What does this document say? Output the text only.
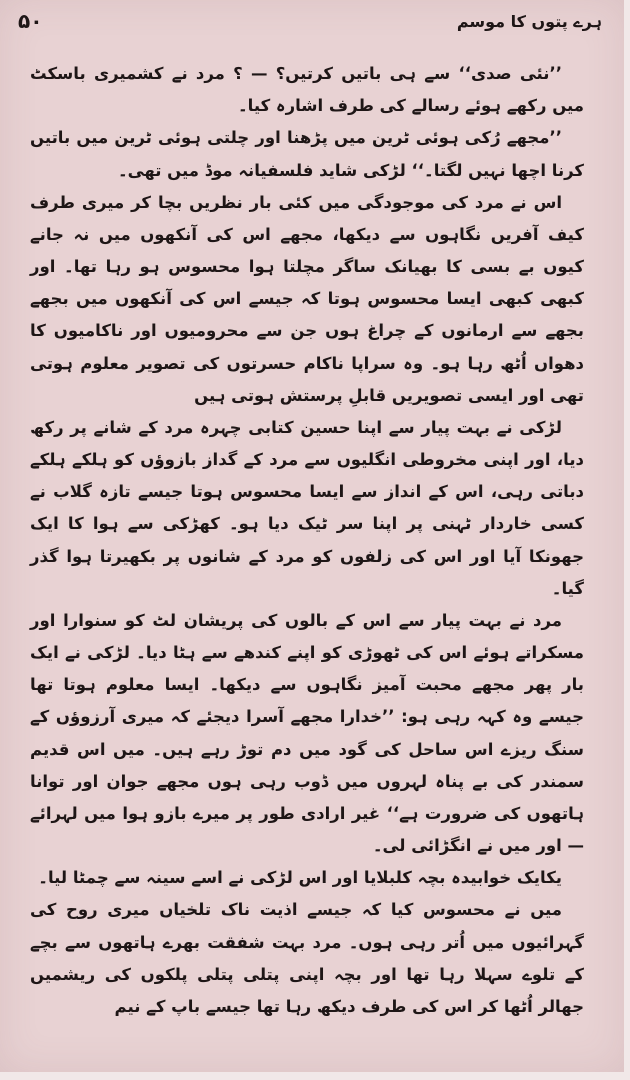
۵۰	ہرے پتوں کا موسم

’’نئی صدی‘‘ سے ہی باتیں کرتیں؟ — ؟ مرد نے کشمیری باسکٹ میں رکھے ہوئے رسالے کی طرف اشارہ کیا۔

’’مجھے رُکی ہوئی ٹرین میں پڑھنا اور چلتی ہوئی ٹرین میں باتیں کرنا اچھا نہیں لگتا۔‘‘ لڑکی شاید فلسفیانہ موڈ میں تھی۔

اس نے مرد کی موجودگی میں کئی بار نظریں بچا کر میری طرف کیف آفریں نگاہوں سے دیکھا، مجھے اس کی آنکھوں میں نہ جانے کیوں بے بسی کا بھیانک ساگر مچلتا ہوا محسوس ہو رہا تھا۔ اور کبھی کبھی ایسا محسوس ہوتا کہ جیسے اس کی آنکھوں میں بجھے بجھے سے ارمانوں کے چراغ ہوں جن سے محرومیوں اور ناکامیوں کا دھواں اُٹھ رہا ہو۔ وہ سراپا ناکام حسرتوں کی تصویر معلوم ہوتی تھی اور ایسی تصویریں قابلِ پرستش ہوتی ہیں

لڑکی نے بہت پیار سے اپنا حسین کتابی چہرہ مرد کے شانے پر رکھ دیا، اور اپنی مخروطی انگلیوں سے مرد کے گداز بازوؤں کو ہلکے ہلکے دباتی رہی، اس کے انداز سے ایسا محسوس ہوتا جیسے تازہ گلاب نے کسی خاردار ٹہنی پر اپنا سر ٹیک دیا ہو۔ کھڑکی سے ہوا کا ایک جھونکا آیا اور اس کی زلفوں کو مرد کے شانوں پر بکھیرتا ہوا گذر گیا۔

مرد نے بہت پیار سے اس کے بالوں کی پریشان لٹ کو سنوارا اور مسکراتے ہوئے اس کی ٹھوڑی کو اپنے کندھے سے ہٹا دیا۔ لڑکی نے ایک بار پھر مجھے محبت آمیز نگاہوں سے دیکھا۔ ایسا معلوم ہوتا تھا جیسے وہ کہہ رہی ہو: ’’خدارا مجھے آسرا دیجئے کہ میری آرزوؤں کے سنگ ریزے اس ساحل کی گود میں دم توڑ رہے ہیں۔ میں اس قدیم سمندر کی بے پناہ لہروں میں ڈوب رہی ہوں مجھے جوان اور توانا ہاتھوں کی ضرورت ہے‘‘ غیر ارادی طور پر میرے بازو ہوا میں لہرائے — اور میں نے انگڑائی لی۔

یکایک خوابیدہ بچہ کلبلایا اور اس لڑکی نے اسے سینہ سے چمٹا لیا۔

میں نے محسوس کیا کہ جیسے اذیت ناک تلخیاں میری روح کی گہرائیوں میں اُتر رہی ہوں۔ مرد بہت شفقت بھرے ہاتھوں سے بچے کے تلوے سہلا رہا تھا اور بچہ اپنی پتلی پتلی پلکوں کی ریشمیں جھالر اُٹھا کر اس کی طرف دیکھ رہا تھا جیسے باپ کے نیم
